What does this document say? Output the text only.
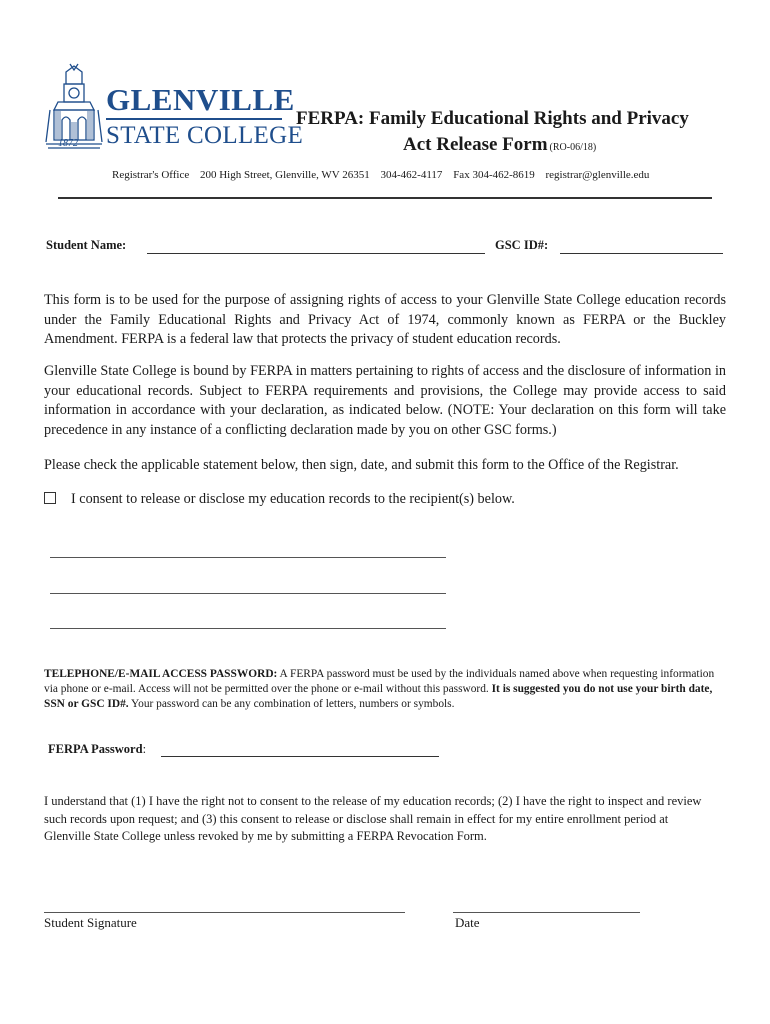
GLENVILLE
STATE COLLEGE
1872
FERPA: Family Educational Rights and Privacy
Act Release Form (RO-06/18)
Registrar's Office 200 High Street, Glenville, WV 26351 304-462-4117 Fax 304-462-8619 registrar@glenville.edu
Student Name:	GSC ID#:
This form is to be used for the purpose of assigning rights of access to your Glenville State College education records under the Family Educational Rights and Privacy Act of 1974, commonly known as FERPA or the Buckley Amendment. FERPA is a federal law that protects the privacy of student education records.
Glenville State College is bound by FERPA in matters pertaining to rights of access and the disclosure of information in your educational records. Subject to FERPA requirements and provisions, the College may provide access to said information in accordance with your declaration, as indicated below. (NOTE: Your declaration on this form will take precedence in any instance of a conflicting declaration made by you on other GSC forms.)
Please check the applicable statement below, then sign, date, and submit this form to the Office of the Registrar.
I consent to release or disclose my education records to the recipient(s) below.
TELEPHONE/E-MAIL ACCESS PASSWORD: A FERPA password must be used by the individuals named above when requesting information via phone or e-mail. Access will not be permitted over the phone or e-mail without this password. It is suggested you do not use your birth date, SSN or GSC ID#. Your password can be any combination of letters, numbers or symbols.
FERPA Password:
I understand that (1) I have the right not to consent to the release of my education records; (2) I have the right to inspect and review such records upon request; and (3) this consent to release or disclose shall remain in effect for my entire enrollment period at Glenville State College unless revoked by me by submitting a FERPA Revocation Form.
Student Signature	Date
